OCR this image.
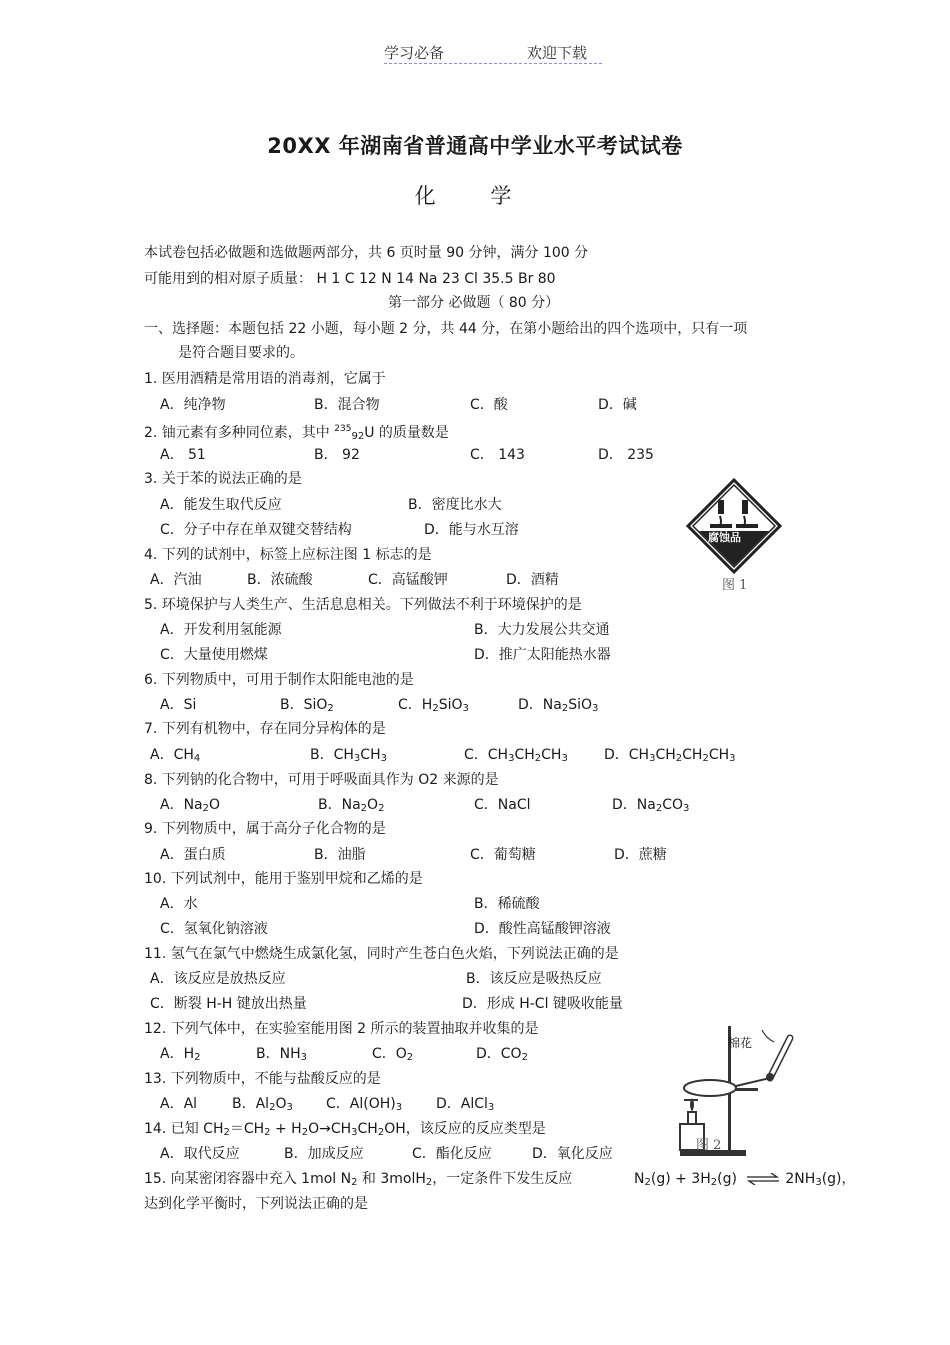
学习必备	欢迎下载

20XX 年湖南省普通高中学业水平考试试卷
化 学
本试卷包括必做题和选做题两部分，共 6 页时量 90 分钟，满分 100 分
可能用到的相对原子质量： H 1 C 12 N 14 Na 23 Cl 35.5 Br 80
第一部分 必做题（ 80 分）
一、选择题：本题包括 22 小题，每小题 2 分，共 44 分，在第小题给出的四个选项中，只有一项
是符合题目要求的。
1. 医用酒精是常用语的消毒剂，它属于
A．纯净物	B．混合物	C．酸	D．碱
2. 铀元素有多种同位素，其中 $^{235}_{92}$U 的质量数是
A． 51	B． 92	C． 143	D． 235
3. 关于苯的说法正确的是
A．能发生取代反应	B．密度比水大
C．分子中存在单双键交替结构	D．能与水互溶	腐蚀品
图 1
4. 下列的试剂中，标签上应标注图 1 标志的是
A．汽油	B．浓硫酸	C．高锰酸钾	D．酒精
5. 环境保护与人类生产、生活息息相关。下列做法不利于环境保护的是
A．开发利用氢能源	B．大力发展公共交通
C．大量使用燃煤	D．推广太阳能热水器
6. 下列物质中，可用于制作太阳能电池的是
A．Si	B．SiO$_2$	C．$H_2SiO_3$	D．$Na_2SiO_3$
7. 下列有机物中，存在同分异构体的是
A．$CH_4$	B．$CH_3CH_3$	C．$CH_3CH_2CH_3$	D．$CH_3CH_2CH_2CH_3$
8. 下列钠的化合物中，可用于呼吸面具作为 O2 来源的是
A．$Na_2O$	B．$Na_2O_2$	C．NaCl	D．$Na_2CO_3$
9. 下列物质中，属于高分子化合物的是
A．蛋白质	B．油脂	C．葡萄糖	D．蔗糖
10. 下列试剂中，能用于鉴别甲烷和乙烯的是
A．水	B．稀硫酸
C．氢氧化钠溶液	D．酸性高锰酸钾溶液
11. 氢气在氯气中燃烧生成氯化氢，同时产生苍白色火焰，下列说法正确的是
A．该反应是放热反应	B．该反应是吸热反应
C．断裂 H-H 键放出热量	D．形成 H-Cl 键吸收能量
12. 下列气体中，在实验室能用图 2 所示的装置抽取并收集的是
A．$H_2$	B．$NH_3$	C．$O_2$	D．$CO_2$
13. 下列物质中，不能与盐酸反应的是
A．Al B．$Al_2O_3$ C．$Al(OH)_3$ D．AlCl$_3$
14. 已知 $CH_2=CH_2 + H_2O\to CH_3CH_2OH$，该反应的反应类型是
A．取代反应	B．加成反应	C．酯化反应	D．氧化反应
棉花
图 2
15. 向某密闭容器中充入 1mol $N_2$ 和 3molH$_2$，一定条件下发生反应	$N_2(g) + 3H_2(g)$ ⇌ $2NH_3(g)$，
达到化学平衡时，下列说法正确的是
